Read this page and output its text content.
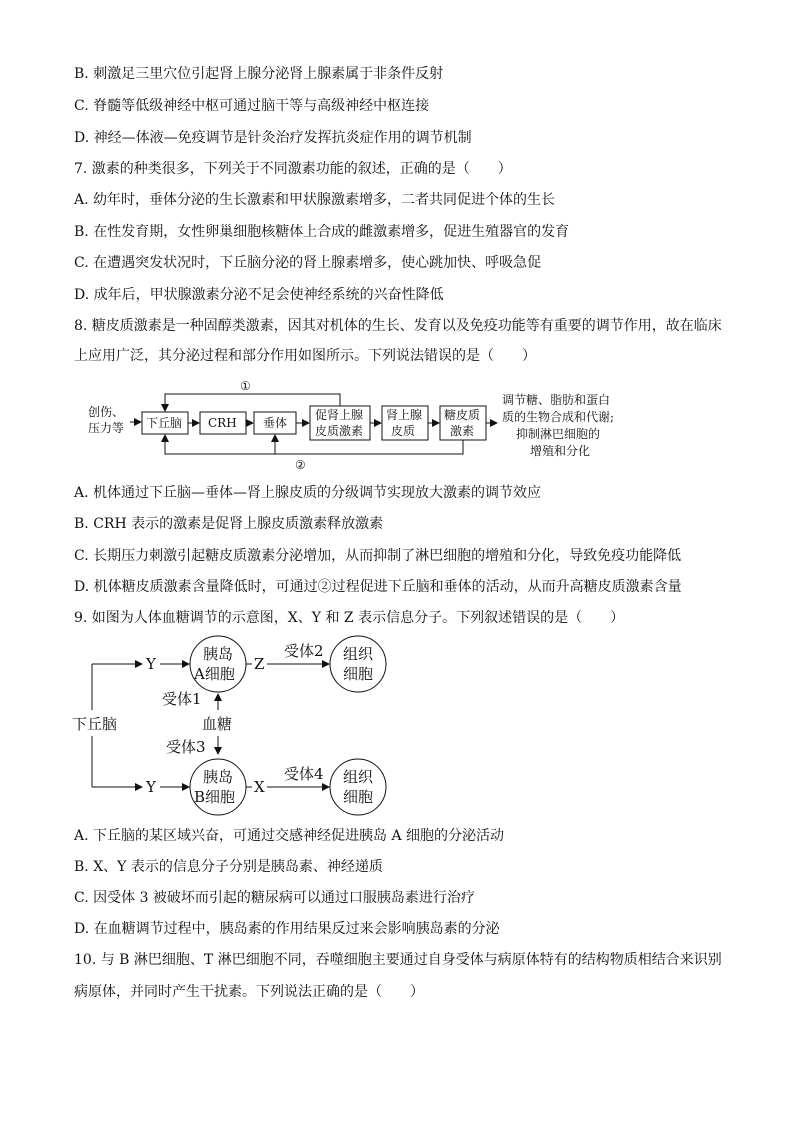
B. 刺激足三里穴位引起肾上腺分泌肾上腺素属于非条件反射
C. 脊髓等低级神经中枢可通过脑干等与高级神经中枢连接
D. 神经—体液—免疫调节是针灸治疗发挥抗炎症作用的调节机制
7. 激素的种类很多，下列关于不同激素功能的叙述，正确的是（　　）
A. 幼年时，垂体分泌的生长激素和甲状腺激素增多，二者共同促进个体的生长
B. 在性发育期，女性卵巢细胞核糖体上合成的雌激素增多，促进生殖器官的发育
C. 在遭遇突发状况时，下丘脑分泌的肾上腺素增多，使心跳加快、呼吸急促
D. 成年后，甲状腺激素分泌不足会使神经系统的兴奋性降低
8. 糖皮质激素是一种固醇类激素，因其对机体的生长、发育以及免疫功能等有重要的调节作用，故在临床
上应用广泛，其分泌过程和部分作用如图所示。下列说法错误的是（　　）
创伤、
压力等 下丘脑 CRH 垂体
促肾上腺
皮质激素
肾上腺
皮质
糖皮质
激素
调节糖、脂肪和蛋白
质的生物合成和代谢;
抑制淋巴细胞的
增殖和分化
①
②
A. 机体通过下丘脑—垂体—肾上腺皮质的分级调节实现放大激素的调节效应
B. CRH 表示的激素是促肾上腺皮质激素释放激素
C. 长期压力刺激引起糖皮质激素分泌增加，从而抑制了淋巴细胞的增殖和分化，导致免疫功能降低
D. 机体糖皮质激素含量降低时，可通过②过程促进下丘脑和垂体的活动，从而升高糖皮质激素含量
9. 如图为人体血糖调节的示意图，X、Y 和 Z 表示信息分子。下列叙述错误的是（　　）
下丘脑
Y
胰岛
A细胞
Z
受体2 组织
细胞
受体1
血糖
受体3
Y
胰岛
B细胞
X
受体4 组织
细胞
A. 下丘脑的某区域兴奋，可通过交感神经促进胰岛 A 细胞的分泌活动
B. X、Y 表示的信息分子分别是胰岛素、神经递质
C. 因受体 3 被破坏而引起的糖尿病可以通过口服胰岛素进行治疗
D. 在血糖调节过程中，胰岛素的作用结果反过来会影响胰岛素的分泌
10. 与 B 淋巴细胞、T 淋巴细胞不同，吞噬细胞主要通过自身受体与病原体特有的结构物质相结合来识别
病原体，并同时产生干扰素。下列说法正确的是（　　）
